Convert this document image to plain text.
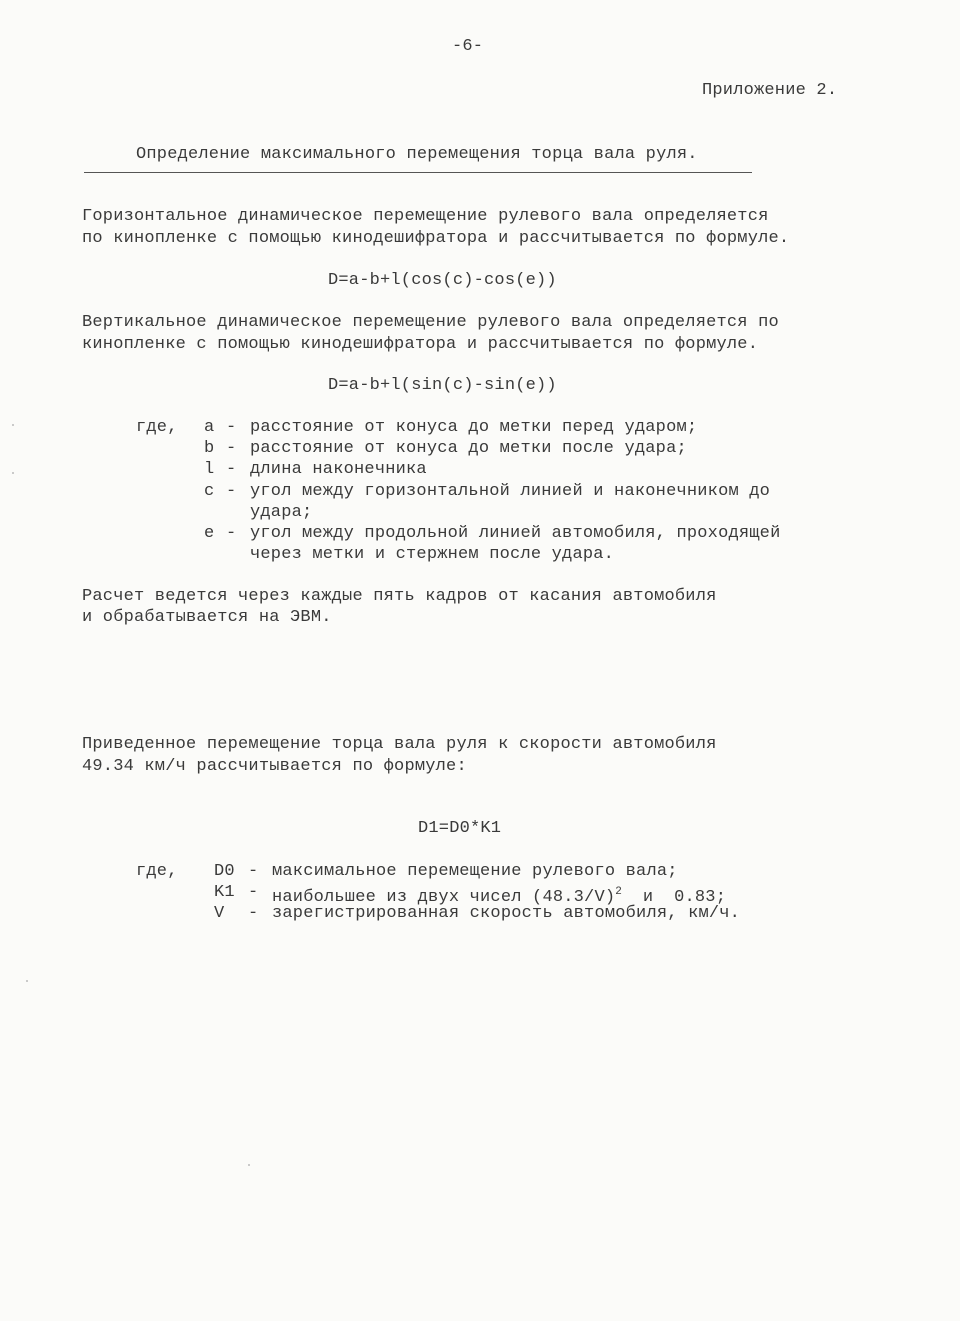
-6-
Приложение 2.
Определение максимального перемещения торца вала руля.
Горизонтальное динамическое перемещение рулевого вала определяется
по кинопленке с помощью кинодешифратора и рассчитывается по формуле.
D=a-b+l(cos(c)-cos(e))
Вертикальное динамическое перемещение рулевого вала определяется по
кинопленке с помощью кинодешифратора и рассчитывается по формуле.
D=a-b+l(sin(c)-sin(e))
где, a - расстояние от конуса до метки перед ударом;
b - расстояние от конуса до метки после удара;
l - длина наконечника
c - угол между горизонтальной линией и наконечником до
удара;
e - угол между продольной линией автомобиля, проходящей
через метки и стержнем после удара.
Расчет ведется через каждые пять кадров от касания автомобиля
и обрабатывается на ЭВМ.
Приведенное перемещение торца вала руля к скорости автомобиля
49.34 км/ч рассчитывается по формуле:
D1=D0*K1
где, D0 - максимальное перемещение рулевого вала;
K1 - наибольшее из двух чисел $(48.3/V)^2$ и  0.83;
V - зарегистрированная скорость автомобиля, км/ч.
